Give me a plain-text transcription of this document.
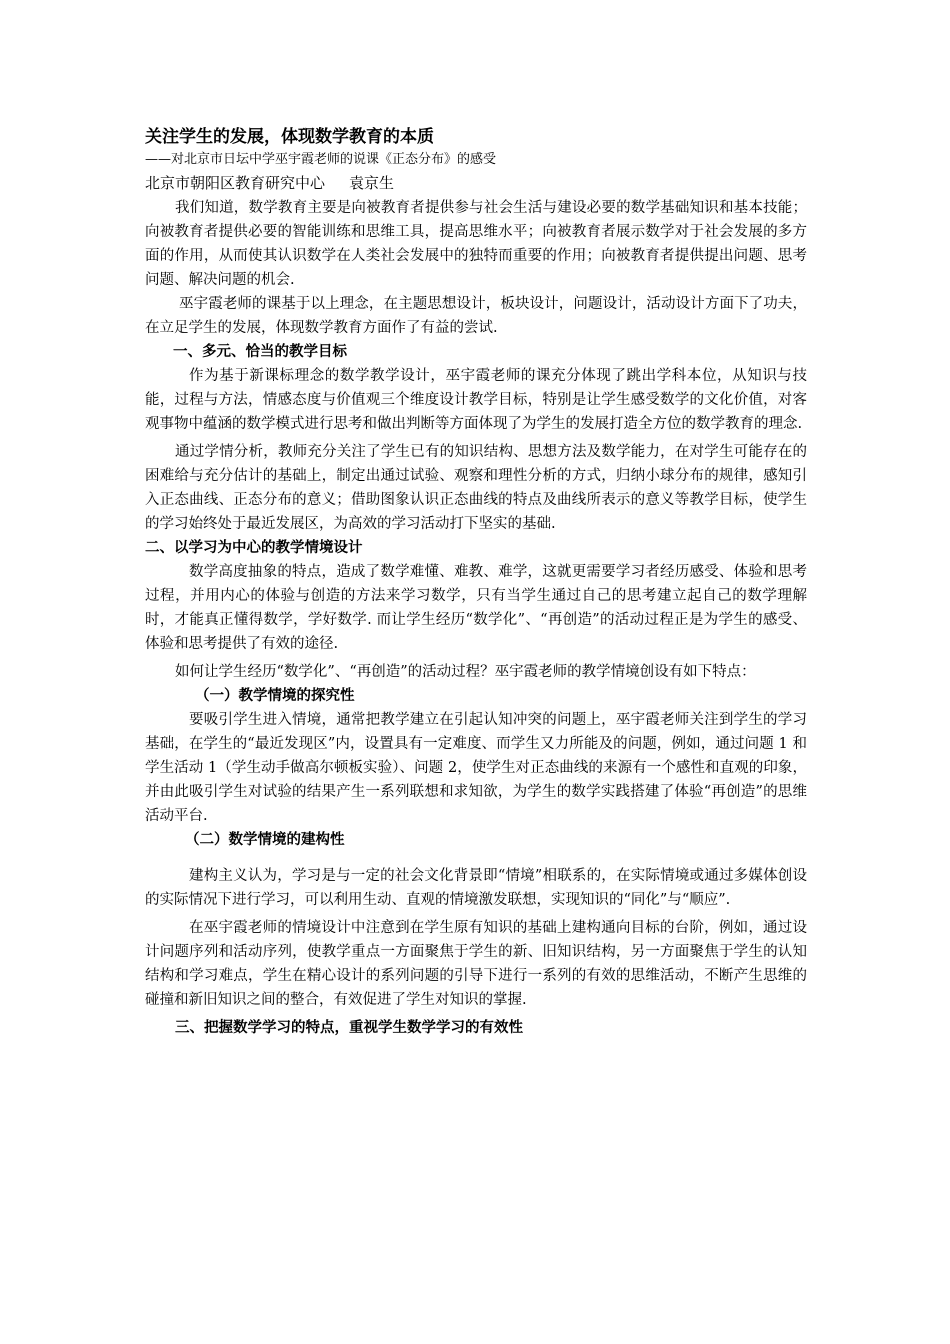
关注学生的发展，体现数学教育的本质
——对北京市日坛中学巫宇霞老师的说课《正态分布》的感受
北京市朝阳区教育研究中心 袁京生

我们知道，数学教育主要是向被教育者提供参与社会生活与建设必要的数学基础知识和基本技能；向被教育者提供必要的智能训练和思维工具，提高思维水平；向被教育者展示数学对于社会发展的多方面的作用，从而使其认识数学在人类社会发展中的独特而重要的作用；向被教育者提供提出问题、思考问题、解决问题的机会.

巫宇霞老师的课基于以上理念，在主题思想设计，板块设计，问题设计，活动设计方面下了功夫，在立足学生的发展，体现数学教育方面作了有益的尝试.

一、多元、恰当的教学目标

作为基于新课标理念的数学教学设计，巫宇霞老师的课充分体现了跳出学科本位，从知识与技能，过程与方法，情感态度与价值观三个维度设计教学目标，特别是让学生感受数学的文化价值，对客观事物中蕴涵的数学模式进行思考和做出判断等方面体现了为学生的发展打造全方位的数学教育的理念.

通过学情分析，教师充分关注了学生已有的知识结构、思想方法及数学能力，在对学生可能存在的困难给与充分估计的基础上，制定出通过试验、观察和理性分析的方式，归纳小球分布的规律，感知引入正态曲线、正态分布的意义；借助图象认识正态曲线的特点及曲线所表示的意义等教学目标，使学生的学习始终处于最近发展区，为高效的学习活动打下坚实的基础.

二、以学习为中心的教学情境设计

数学高度抽象的特点，造成了数学难懂、难教、难学，这就更需要学习者经历感受、体验和思考过程，并用内心的体验与创造的方法来学习数学，只有当学生通过自己的思考建立起自己的数学理解时，才能真正懂得数学，学好数学. 而让学生经历“数学化”、“再创造”的活动过程正是为学生的感受、体验和思考提供了有效的途径.

如何让学生经历“数学化”、“再创造”的活动过程？巫宇霞老师的教学情境创设有如下特点：

（一）教学情境的探究性

要吸引学生进入情境，通常把教学建立在引起认知冲突的问题上，巫宇霞老师关注到学生的学习基础，在学生的“最近发现区”内，设置具有一定难度、而学生又力所能及的问题，例如，通过问题 1 和学生活动 1（学生动手做高尔顿板实验）、问题 2，使学生对正态曲线的来源有一个感性和直观的印象，并由此吸引学生对试验的结果产生一系列联想和求知欲，为学生的数学实践搭建了体验“再创造”的思维活动平台.

（二）数学情境的建构性

建构主义认为，学习是与一定的社会文化背景即“情境”相联系的，在实际情境或通过多媒体创设的实际情况下进行学习，可以利用生动、直观的情境激发联想，实现知识的“同化”与“顺应”.

在巫宇霞老师的情境设计中注意到在学生原有知识的基础上建构通向目标的台阶，例如，通过设计问题序列和活动序列，使教学重点一方面聚焦于学生的新、旧知识结构，另一方面聚焦于学生的认知结构和学习难点，学生在精心设计的系列问题的引导下进行一系列的有效的思维活动，不断产生思维的碰撞和新旧知识之间的整合，有效促进了学生对知识的掌握.

三、把握数学学习的特点，重视学生数学学习的有效性
